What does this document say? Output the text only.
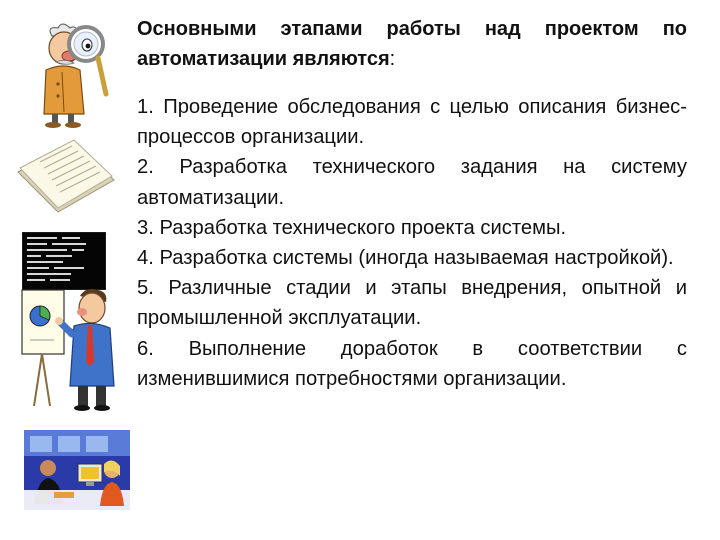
Основными этапами работы над проектом по автоматизации являются:

1. Проведение обследования с целью описания бизнес-процессов организации.
2. Разработка технического задания на систему автоматизации.
3. Разработка технического проекта системы.
4. Разработка системы (иногда называемая настройкой).
5. Различные стадии и этапы внедрения, опытной и промышленной эксплуатации.
6. Выполнение доработок в соответствии с изменившимися потребностями организации.
